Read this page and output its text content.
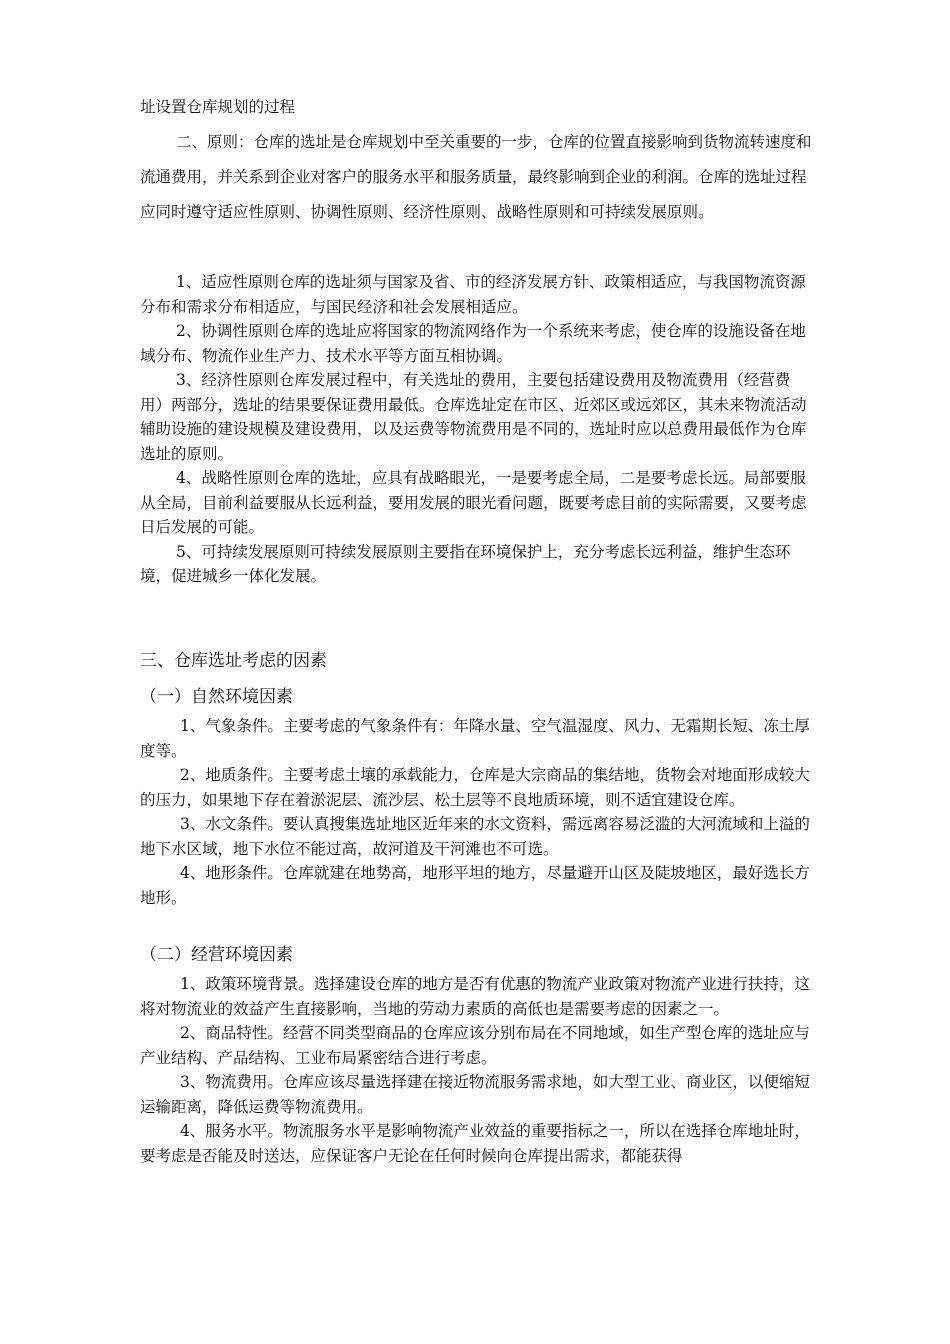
址设置仓库规划的过程

二、原则：仓库的选址是仓库规划中至关重要的一步，仓库的位置直接影响到货物流转速度和流通费用，并关系到企业对客户的服务水平和服务质量，最终影响到企业的利润。仓库的选址过程应同时遵守适应性原则、协调性原则、经济性原则、战略性原则和可持续发展原则。

1、适应性原则仓库的选址须与国家及省、市的经济发展方针、政策相适应，与我国物流资源分布和需求分布相适应，与国民经济和社会发展相适应。

2、协调性原则仓库的选址应将国家的物流网络作为一个系统来考虑，使仓库的设施设备在地域分布、物流作业生产力、技术水平等方面互相协调。

3、经济性原则仓库发展过程中，有关选址的费用，主要包括建设费用及物流费用（经营费用）两部分，选址的结果要保证费用最低。仓库选址定在市区、近郊区或远郊区，其未来物流活动辅助设施的建设规模及建设费用，以及运费等物流费用是不同的，选址时应以总费用最低作为仓库选址的原则。

4、战略性原则仓库的选址，应具有战略眼光，一是要考虑全局，二是要考虑长远。局部要服从全局，目前利益要服从长远利益，要用发展的眼光看问题，既要考虑目前的实际需要，又要考虑日后发展的可能。

5、可持续发展原则可持续发展原则主要指在环境保护上，充分考虑长远利益，维护生态环境，促进城乡一体化发展。

三、仓库选址考虑的因素

（一）自然环境因素

1、气象条件。主要考虑的气象条件有：年降水量、空气温湿度、风力、无霜期长短、冻土厚度等。

2、地质条件。主要考虑土壤的承载能力，仓库是大宗商品的集结地，货物会对地面形成较大的压力，如果地下存在着淤泥层、流沙层、松土层等不良地质环境，则不适宜建设仓库。

3、水文条件。要认真搜集选址地区近年来的水文资料，需远离容易泛滥的大河流域和上溢的地下水区域，地下水位不能过高，故河道及干河滩也不可选。

4、地形条件。仓库就建在地势高，地形平坦的地方，尽量避开山区及陡坡地区，最好选长方地形。

（二）经营环境因素

1、政策环境背景。选择建设仓库的地方是否有优惠的物流产业政策对物流产业进行扶持，这将对物流业的效益产生直接影响，当地的劳动力素质的高低也是需要考虑的因素之一。

2、商品特性。经营不同类型商品的仓库应该分别布局在不同地域，如生产型仓库的选址应与产业结构、产品结构、工业布局紧密结合进行考虑。

3、物流费用。仓库应该尽量选择建在接近物流服务需求地，如大型工业、商业区，以便缩短运输距离，降低运费等物流费用。

4、服务水平。物流服务水平是影响物流产业效益的重要指标之一，所以在选择仓库地址时，要考虑是否能及时送达，应保证客户无论在任何时候向仓库提出需求，都能获得
